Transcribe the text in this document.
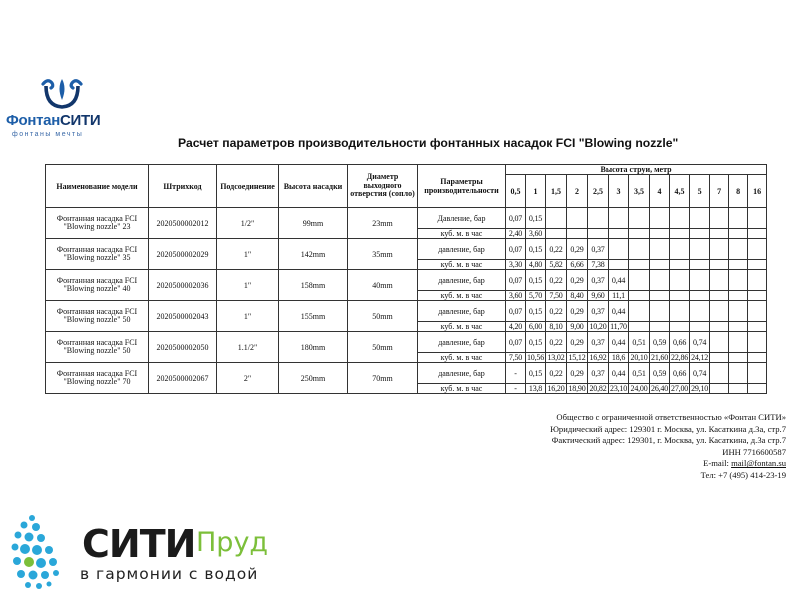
ФонтанСИТИ
фонтаны мечты
Расчет параметров производительности фонтанных насадок FCI "Blowing nozzle"
Наименование модели	Штрихкод	Подсоединение	Высота насадки	Диаметр выходного отверстия (сопло)	Параметры производительности	Высота струи, метр												
						0,5	1	1,5	2	2,5	3	3,5	4	4,5	5	7	8	16
Фонтанная насадка FCI "Blowing nozzle" 23	2020500002012	1/2"	99mm	23mm	Давление, бар	0,07	0,15											
					куб. м. в час	2,40	3,60											
Фонтанная насадка FCI "Blowing nozzle" 35	2020500002029	1"	142mm	35mm	давление, бар	0,07	0,15	0,22	0,29	0,37								
					куб. м. в час	3,30	4,80	5,82	6,66	7,38								
Фонтанная насадка FCI "Blowing nozzle" 40	2020500002036	1"	158mm	40mm	давление, бар	0,07	0,15	0,22	0,29	0,37	0,44							
					куб. м. в час	3,60	5,70	7,50	8,40	9,60	11,1							
Фонтанная насадка FCI "Blowing nozzle" 50	2020500002043	1"	155mm	50mm	давление, бар	0,07	0,15	0,22	0,29	0,37	0,44							
					куб. м. в час	4,20	6,00	8,10	9,00	10,20	11,70							
Фонтанная насадка FCI "Blowing nozzle" 50	2020500002050	1.1/2"	180mm	50mm	давление, бар	0,07	0,15	0,22	0,29	0,37	0,44	0,51	0,59	0,66	0,74			
					куб. м. в час	7,50	10,56	13,02	15,12	16,92	18,6	20,10	21,60	22,86	24,12			
Фонтанная насадка FCI "Blowing nozzle" 70	2020500002067	2"	250mm	70mm	давление, бар	-	0,15	0,22	0,29	0,37	0,44	0,51	0,59	0,66	0,74			
					куб. м. в час	-	13,8	16,20	18,90	20,82	23,10	24,00	26,40	27,00	29,10			
Общество с ограниченной ответственностью «Фонтан СИТИ»
Юридический адрес: 129301 г. Москва, ул. Касаткина д.3а, стр.7
Фактический адрес: 129301, г. Москва, ул. Касаткина, д.3а стр.7
ИНН 7716600587
E-mail: mail@fontan.su
Тел: +7 (495) 414-23-19
СИТИ Пруд
в гармонии с водой
